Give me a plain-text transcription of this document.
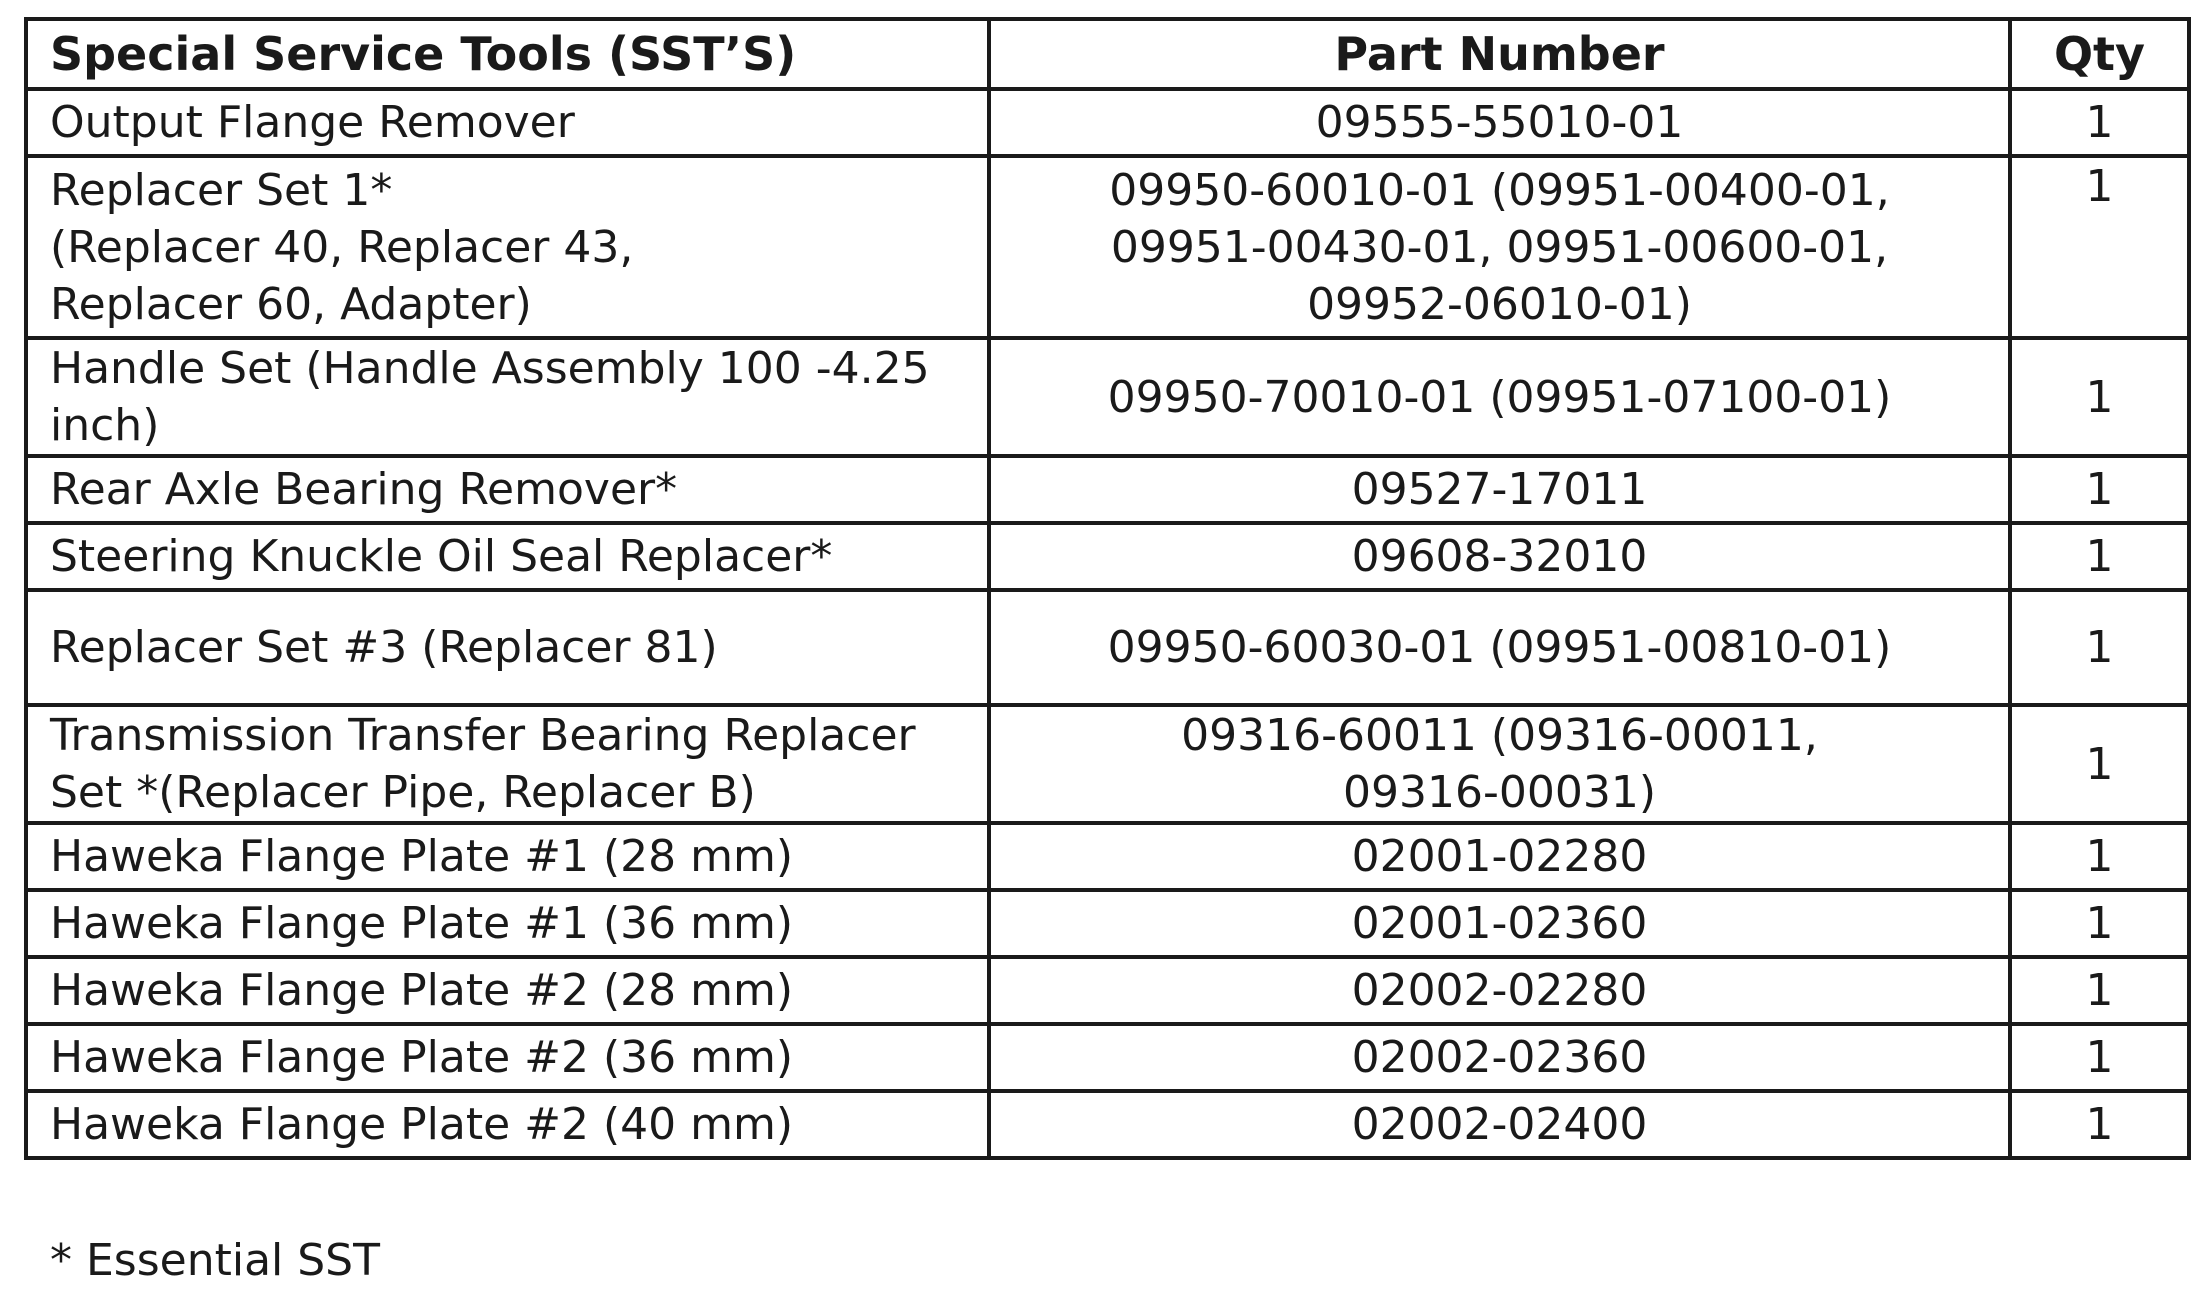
Special Service Tools (SST’S)	Part Number	Qty

Output Flange Remover	09555-55010-01	1

Replacer Set 1*
(Replacer 40, Replacer 43,
Replacer 60, Adapter)	09950-60010-01 (09951-00400-01,
09951-00430-01, 09951-00600-01,
09952-06010-01)	1

Handle Set (Handle Assembly 100 -4.25
inch)	09950-70010-01 (09951-07100-01)	1

Rear Axle Bearing Remover*	09527-17011	1

Steering Knuckle Oil Seal Replacer*	09608-32010	1

Replacer Set #3 (Replacer 81)	09950-60030-01 (09951-00810-01)	1

Transmission Transfer Bearing Replacer
Set *(Replacer Pipe, Replacer B)	09316-60011 (09316-00011,
09316-00031)	1

Haweka Flange Plate #1 (28 mm)	02001-02280	1

Haweka Flange Plate #1 (36 mm)	02001-02360	1

Haweka Flange Plate #2 (28 mm)	02002-02280	1

Haweka Flange Plate #2 (36 mm)	02002-02360	1

Haweka Flange Plate #2 (40 mm)	02002-02400	1

* Essential SST
